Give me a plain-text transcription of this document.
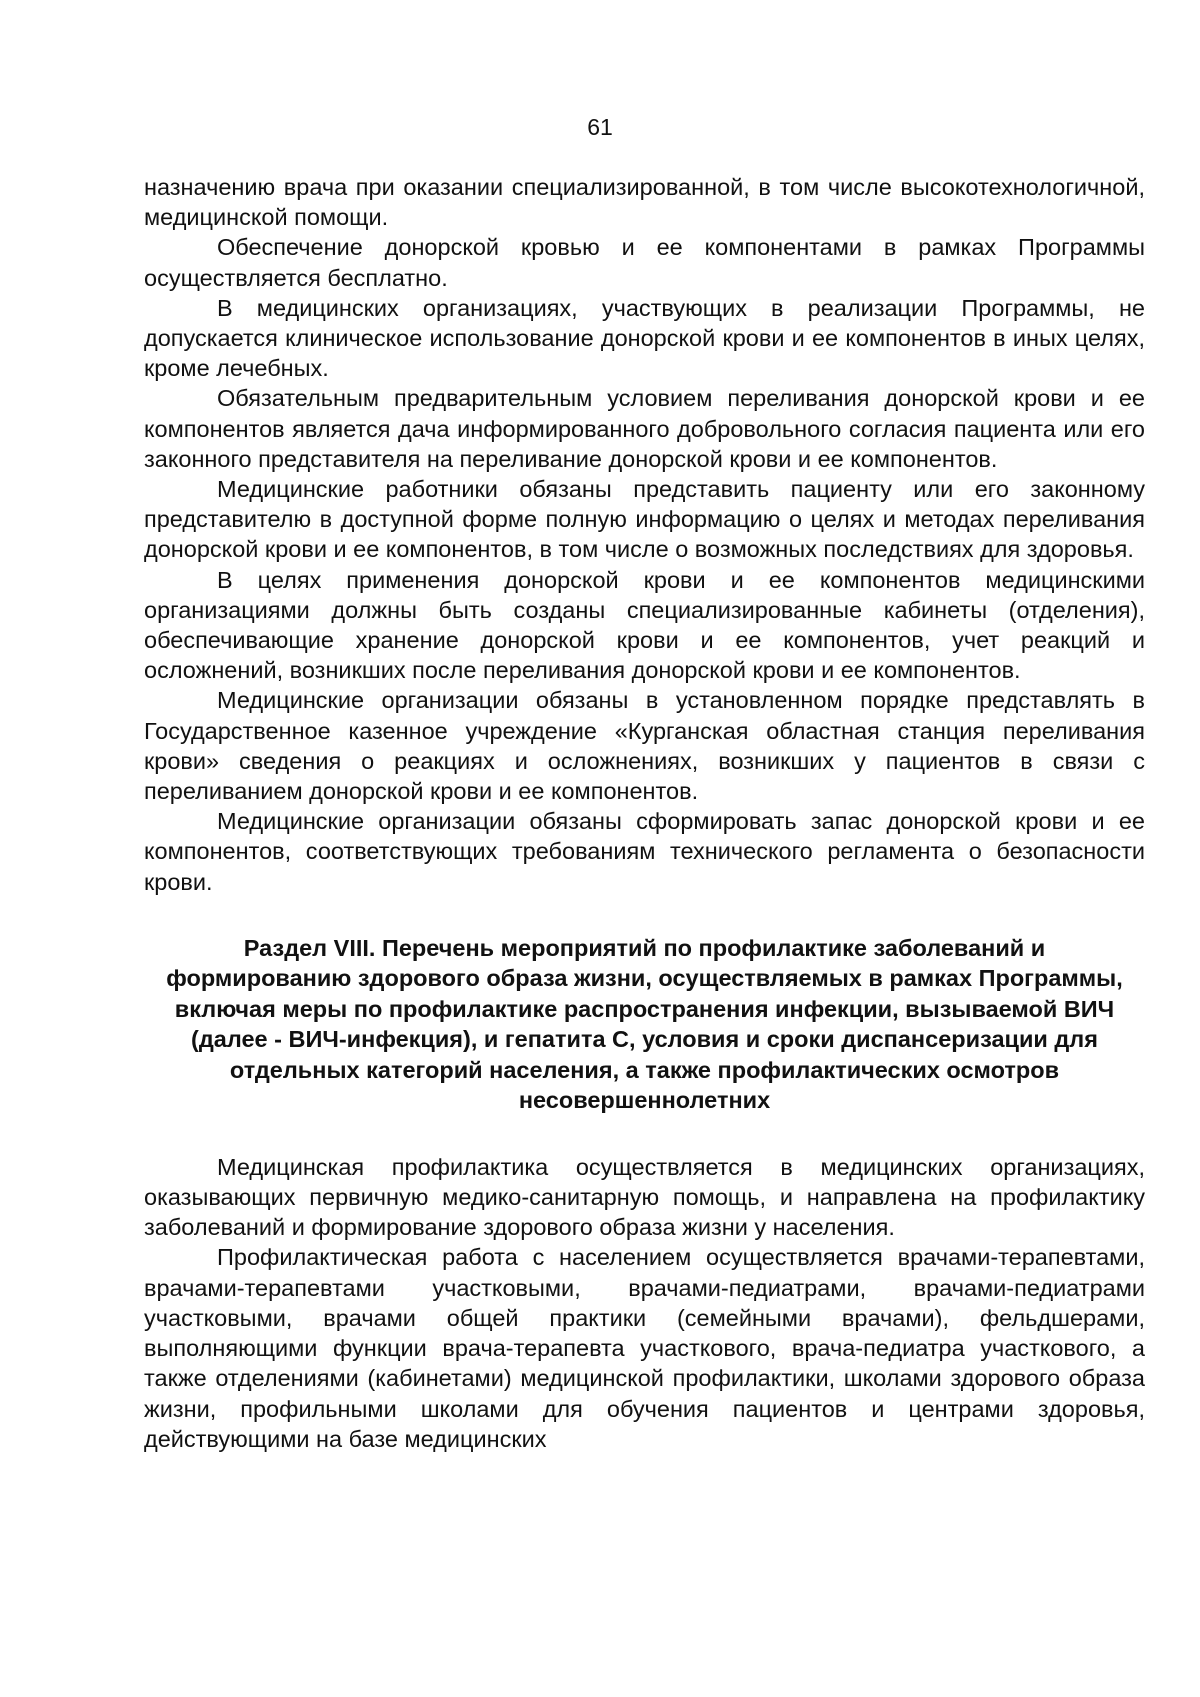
61

назначению врача при оказании специализированной, в том числе высокотехнологичной, медицинской помощи.

Обеспечение донорской кровью и ее компонентами в рамках Программы осуществляется бесплатно.

В медицинских организациях, участвующих в реализации Программы, не допускается клиническое использование донорской крови и ее компонентов в иных целях, кроме лечебных.

Обязательным предварительным условием переливания донорской крови и ее компонентов является дача информированного добровольного согласия пациента или его законного представителя на переливание донорской крови и ее компонентов.

Медицинские работники обязаны представить пациенту или его законному представителю в доступной форме полную информацию о целях и методах переливания донорской крови и ее компонентов, в том числе о возможных последствиях для здоровья.

В целях применения донорской крови и ее компонентов медицинскими организациями должны быть созданы специализированные кабинеты (отделения), обеспечивающие хранение донорской крови и ее компонентов, учет реакций и осложнений, возникших после переливания донорской крови и ее компонентов.

Медицинские организации обязаны в установленном порядке представлять в Государственное казенное учреждение «Курганская областная станция переливания крови» сведения о реакциях и осложнениях, возникших у пациентов в связи с переливанием донорской крови и ее компонентов.

Медицинские организации обязаны сформировать запас донорской крови и ее компонентов, соответствующих требованиям технического регламента о безопасности крови.

Раздел VIII. Перечень мероприятий по профилактике заболеваний и формированию здорового образа жизни, осуществляемых в рамках Программы, включая меры по профилактике распространения инфекции, вызываемой ВИЧ (далее - ВИЧ-инфекция), и гепатита С, условия и сроки диспансеризации для отдельных категорий населения, а также профилактических осмотров несовершеннолетних

Медицинская профилактика осуществляется в медицинских организациях, оказывающих первичную медико-санитарную помощь, и направлена на профилактику заболеваний и формирование здорового образа жизни у населения.

Профилактическая работа с населением осуществляется врачами-терапевтами, врачами-терапевтами участковыми, врачами-педиатрами, врачами-педиатрами участковыми, врачами общей практики (семейными врачами), фельдшерами, выполняющими функции врача-терапевта участкового, врача-педиатра участкового, а также отделениями (кабинетами) медицинской профилактики, школами здорового образа жизни, профильными школами для обучения пациентов и центрами здоровья, действующими на базе медицинских
